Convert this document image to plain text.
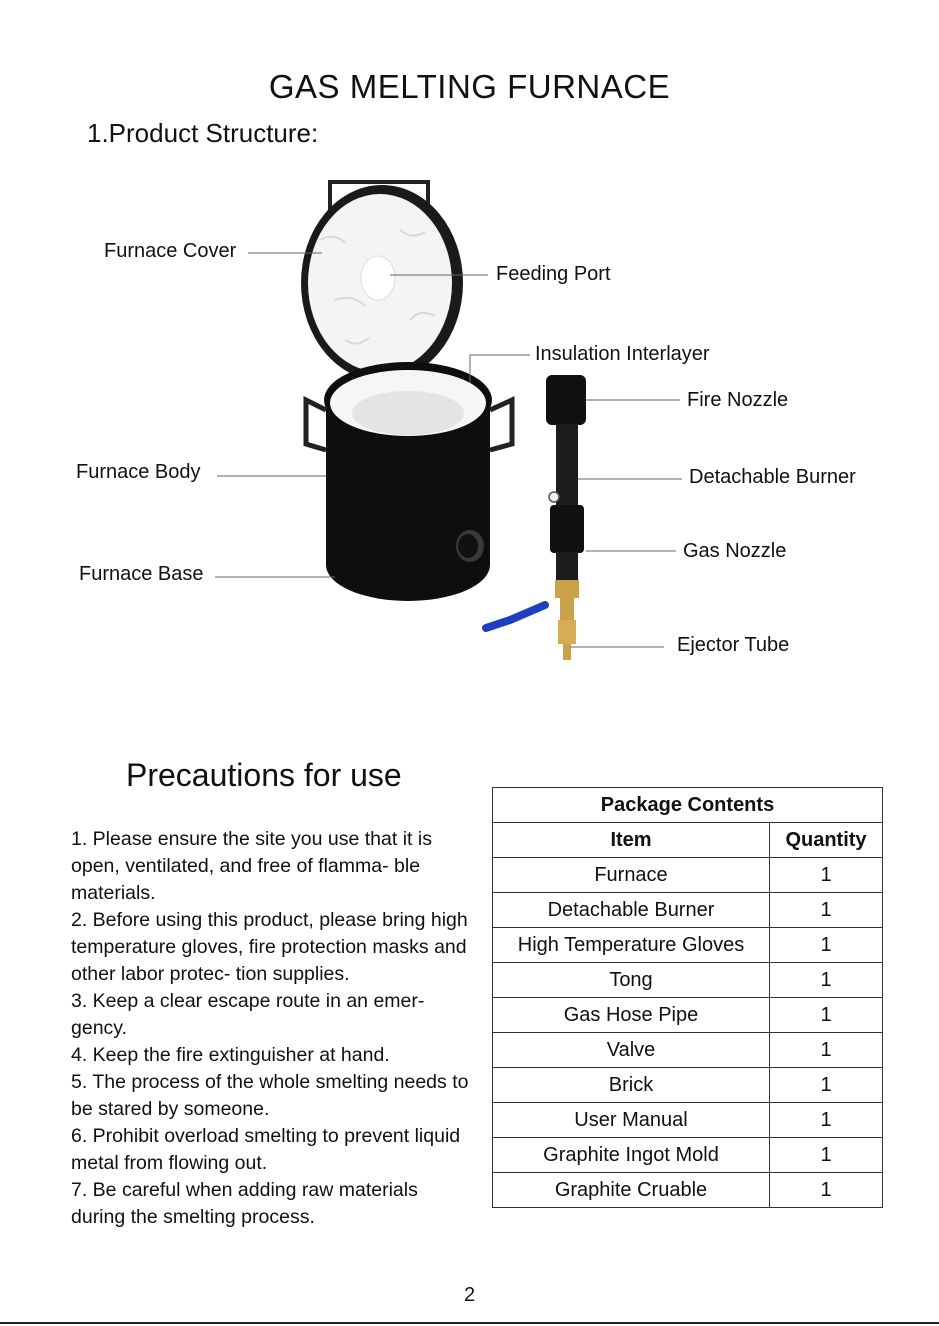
GAS MELTING FURNACE
1.Product Structure:
Furnace Cover
Feeding Port
Insulation Interlayer
Fire Nozzle
Furnace Body	Detachable Burner
Gas Nozzle
Furnace Base
Ejector Tube
Precautions for use

1. Please ensure the site you use that it is open, ventilated, and free of flamma- ble materials.

2. Before using this product, please bring high temperature gloves, fire protection masks and other labor protec- tion supplies.

3. Keep a clear escape route in an emer- gency.

4. Keep the fire extinguisher at hand.

5. The process of the whole smelting needs to be stared by someone.

6. Prohibit overload smelting to prevent liquid metal from flowing out.

7. Be careful when adding raw materials during the smelting process.

Package Contents	
Item	Quantity
Furnace	1
Detachable Burner	1
High Temperature Gloves	1
Tong	1
Gas Hose Pipe	1
Valve	1
Brick	1
User Manual	1
Graphite Ingot Mold	1
Graphite Cruable	1
2
